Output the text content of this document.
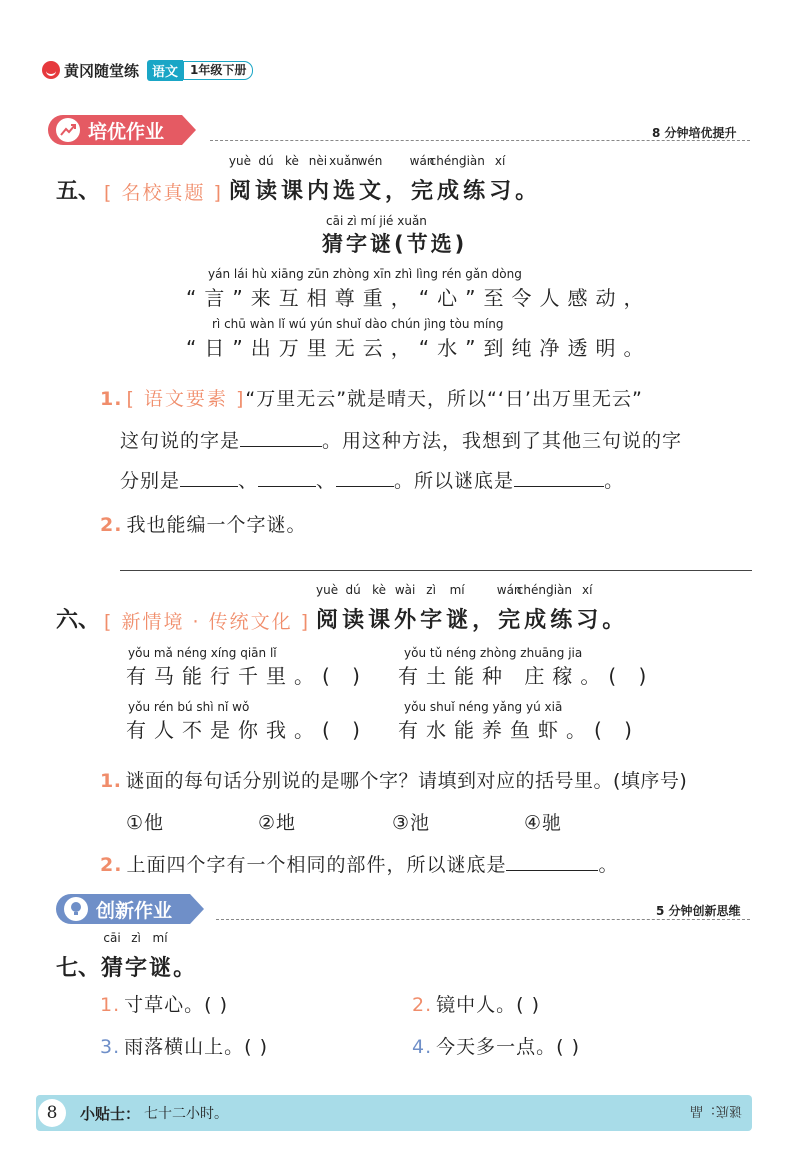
黄冈随堂练	语文	1年级下册
培优作业	8 分钟培优提升
五、 [ 名校真题 ]
yuè
阅
dú
读
kè
课
nèi
内
xuǎn
选
wén
文 ，
wán
完
chéng
成
liàn
练
xí
习 。
cāi zì mí jié xuǎn
猜字谜(节选)
yán lái hù xiāng zūn zhòng xīn zhì lìng rén gǎn dòng
“言”来互相尊重，“心”至令人感动，
rì chū wàn lǐ wú yún shuǐ dào chún jìng tòu míng
“日”出万里无云，“水”到纯净透明。
1. [ 语文要素 ]“万里无云”就是晴天，所以“‘日’出万里无云”
这句说的字是	。用这种方法，我想到了其他三句说的字
分别是	、	、	。所以谜底是	。
2. 我也能编一个字谜。
六、 [ 新情境 · 传统文化 ]
yuè
阅
dú
读
kè
课
wài
外
zì
字
mí
谜 ，
wán
完
chéng
成
liàn
练
xí
习 。
yǒu mǎ néng xíng qiān lǐ
有马能行千里。( )
yǒu tǔ néng zhòng zhuāng jia
有土能种 庄稼。( )
yǒu rén bú shì nǐ wǒ
有人不是你我。( )
yǒu shuǐ néng yǎng yú xiā
有水能养鱼虾。( )
1. 谜面的每句话分别说的是哪个字？请填到对应的括号里。(填序号)
①他	②地	③池	④驰
2. 上面四个字有一个相同的部件，所以谜底是	。
创新作业	5 分钟创新思维
七、
cāi
猜
zì
字
mí
谜。
1. 寸草心。( )	2. 镜中人。( )
3. 雨落横山上。( )	4. 今天多一点。( )
8	小贴士： 七十二小时。	谜底：晶
